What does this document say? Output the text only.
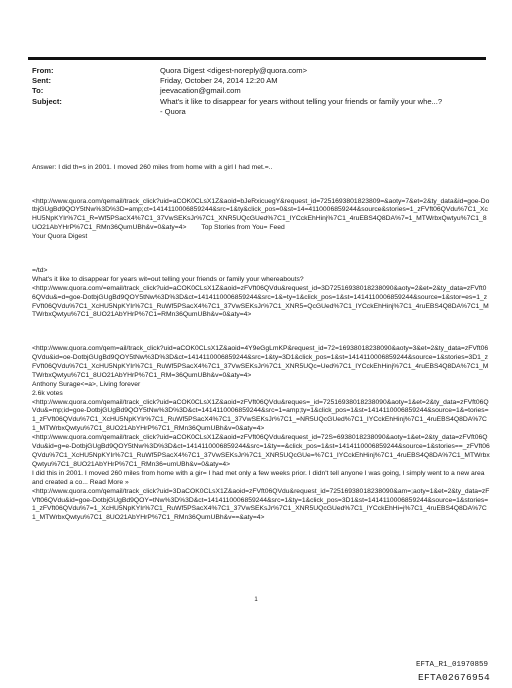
From:	Quora Digest <digest-noreply@quora.com>
Sent:	Friday, October 24, 2014 12:20 AM
To:	jeevacation@gmail.com
Subject:	What's it like to disappear for years without telling your friends or family your whe...?
- Quora

Answer: I did th=s in 2001. I moved 260 miles from home with a girl I had met.=..

<http://www.quora.com/qemail/track_click?uid=aCOK0CLsX1Z&aoid=bJeRxicuegY&request_id=7251693801823809=&aoty=7&et=2&ty_data&id=goe-DotbjGUgBd9QOY5tNw%3D%3D=amp;ct=1414110006859244&src=1&ty&click_pos=0&st=14=4110006859244&source&stories=1_zFVft06QVdu%7C1_XcHU5NpKYIr%7C1_R=Wf5PSacX4%7C1_37VwSEKsJr%7C1_XNR5UQcGUed%7C1_IYCckEhHinj%7C1_4ruEBS4Q8DA%7=1_MTWrbxQwtyu%7C1_8UO21AbYHrP%7C1_RMn36QumUBh&v=0&aty=4>        Top Stories from You= Feed
Your Quora Digest

=/td>
What's it like to disappear for years wit=out telling your friends or family your whereabouts?
<http://www.quora.com/=email/track_click?uid=aCOK0CLsX1Z&aoid=zFVft06QVdu&request_id=3D72516938018238090&aoty=2&et=2&ty_data=zFVft06QVdu&=d=goe-DotbjGUgBd9QOY5tNw%3D%3D&ct=1414110006859244&src=1&=ty=1&click_pos=1&st=1414110006859244&source=1&stor=es=1_zFVft06QVdu%7C1_XcHU5NpKYIr%7C1_RuWf5PSacX4%7C1_37VwSEKsJr%7C1_XNR5=QcGUed%7C1_IYCckEhHinj%7C1_4ruEBS4Q8DA%7C1_MTWrbxQwtyu%7C1_8UO21AbYHrP%7C1=RMn36QumUBh&v=0&aty=4>

<http://www.quora.com/qem=ail/track_click?uid=aCOK0CLsX1Z&aoid=4Y9eGgLmKP&request_id=72=16938018238090&aoty=3&et=2&ty_data=zFVft06QVdu&id=oe-DotbjGUgBd9QOY5tNw%3D%3D&ct=1414110006859244&src=1&ty=3D1&click_pos=1&st=1414110006859244&source=1&stories=3D1_zFVft06QVdu%7C1_XcHU5NpKYIr%7C1_RuWf5PSacX4%7C1_37VwSEKsJr%7C1_XNR5UQc=Ued%7C1_IYCckEhHinj%7C1_4ruEBS4Q8DA%7C1_MTWrbxQwtyu%7C1_8UO21AbYHrP%7C1_RM=36QumUBh&v=0&aty=4>
Anthony Surage<=a>, Living forever
2.6k votes
<http://www.quora.com/qemail/track_click?uid=aCOK0CLsX1Z&aoid=zFVft06QVdu&reques=_id=72516938018238090&aoty=1&et=2&ty_data=zFVft06QVdu&=mp;id=goe-DotbjGUgBd9QOY5tNw%3D%3D&ct=1414110006859244&src=1=amp;ty=1&click_pos=1&st=1414110006859244&source=1&=tories=1_zFVft06QVdu%7C1_XcHU5NpKYIr%7C1_RuWf5PSacX4%7C1_37VwSEKsJr%7C1_=NR5UQcGUed%7C1_IYCckEhHinj%7C1_4ruEBS4Q8DA%7C1_MTWrbxQwtyu%7C1_8UO21AbYHrP%7C1_RMn36QumUBh&v=0&aty=4>
<http://www.quora.com/qemail/track_click?uid=aCOK0CLsX1Z&aoid=zFVft06QVdu&request_id=72S=6938018238090&aoty=1&et=2&ty_data=zFVft06QVdu&id=g=e-DotbjGUgBd9QOY5tNw%3D%3D&ct=1414110006859244&src=1&ty==&click_pos=1&st=1414110006859244&source=1&stories==_zFVft06QVdu%7C1_XcHU5NpKYIr%7C1_RuWf5PSacX4%7C1_37VwSEKsJr%7C1_XNR5UQcGUe=%7C1_IYCckEhHinj%7C1_4ruEBS4Q8DA%7C1_MTWrbxQwtyu%7C1_8UO21AbYHrP%7C1_RMn36=umUBh&v=0&aty=4>
I did this in 2001. I moved 260 miles from home with a gir= I had met only a few weeks prior. I didn't tell anyone I was going, I simply went to a new area and created a co... Read More »
<http://www.quora.com/qemail/track_click?uid=3DaCOK0CLsX1Z&aoid=zFVft06QVdu&request_id=72516938018238090&am=;aoty=1&et=2&ty_data=zFVft06QVdu&id=goe-DotbjGUgBd9QOY=tNw%3D%3D&ct=1414110006859244&src=1&ty=1&click_pos=3D1&st=1414110006859244&source=1&stories=1_zFVft06QVdu%7=1_XcHU5NpKYIr%7C1_RuWf5PSacX4%7C1_37VwSEKsJr%7C1_XNR5UQcGUed%7C1_IYCckEhHi=j%7C1_4ruEBS4Q8DA%7C1_MTWrbxQwtyu%7C1_8UO21AbYHrP%7C1_RMn36QumUBh&v==&aty=4>

1
EFTA_R1_01970859
EFTA02676954
